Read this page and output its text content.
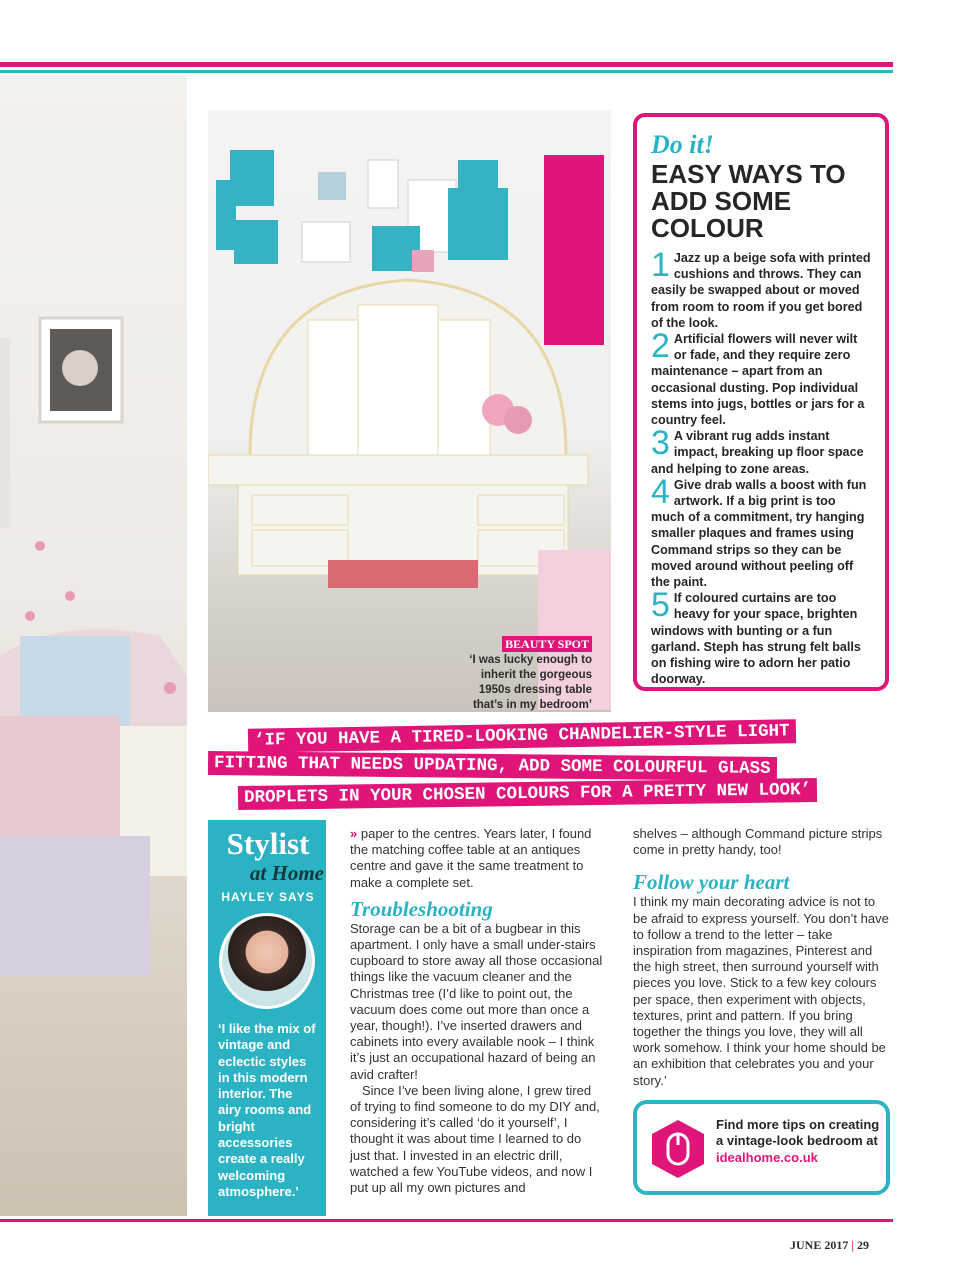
Do it!

EASY WAYS TO ADD SOME COLOUR
1 Jazz up a beige sofa with printed cushions and throws. They can easily be swapped about or moved from room to room if you get bored of the look.
2 Artificial flowers will never wilt or fade, and they require zero maintenance – apart from an occasional dusting. Pop individual stems into jugs, bottles or jars for a country feel.
3 A vibrant rug adds instant impact, breaking up floor space and helping to zone areas.
4 Give drab walls a boost with fun artwork. If a big print is too much of a commitment, try hanging smaller plaques and frames using Command strips so they can be moved around without peeling off the paint.
5 If coloured curtains are too heavy for your space, brighten windows with bunting or a fun garland. Steph has strung felt balls on fishing wire to adorn her patio doorway.
BEAUTY SPOT
‘I was lucky enough to inherit the gorgeous 1950s dressing table that’s in my bedroom’
‘IF YOU HAVE A TIRED-LOOKING CHANDELIER-STYLE LIGHT
FITTING THAT NEEDS UPDATING, ADD SOME COLOURFUL GLASS
DROPLETS IN YOUR CHOSEN COLOURS FOR A PRETTY NEW LOOK’
Stylist
at Home
HAYLEY SAYS
‘I like the mix of vintage and eclectic styles in this modern interior. The airy rooms and bright accessories create a really welcoming atmosphere.’

» paper to the centres. Years later, I found the matching coffee table at an antiques centre and gave it the same treatment to make a complete set.

Troubleshooting

Storage can be a bit of a bugbear in this apartment. I only have a small under-stairs cupboard to store away all those occasional things like the vacuum cleaner and the Christmas tree (I’d like to point out, the vacuum does come out more than once a year, though!). I’ve inserted drawers and cabinets into every available nook – I think it’s just an occupational hazard of being an avid crafter!

Since I’ve been living alone, I grew tired of trying to find someone to do my DIY and, considering it’s called ‘do it yourself’, I thought it was about time I learned to do just that. I invested in an electric drill, watched a few YouTube videos, and now I put up all my own pictures and

shelves – although Command picture strips come in pretty handy, too!

Follow your heart

I think my main decorating advice is not to be afraid to express yourself. You don’t have to follow a trend to the letter – take inspiration from magazines, Pinterest and the high street, then surround yourself with pieces you love. Stick to a few key colours per space, then experiment with objects, textures, print and pattern. If you bring together the things you love, they will all work somehow. I think your home should be an exhibition that celebrates you and your story.’

Find more tips on creating a vintage-look bedroom at idealhome.co.uk
JUNE 2017 | 29
